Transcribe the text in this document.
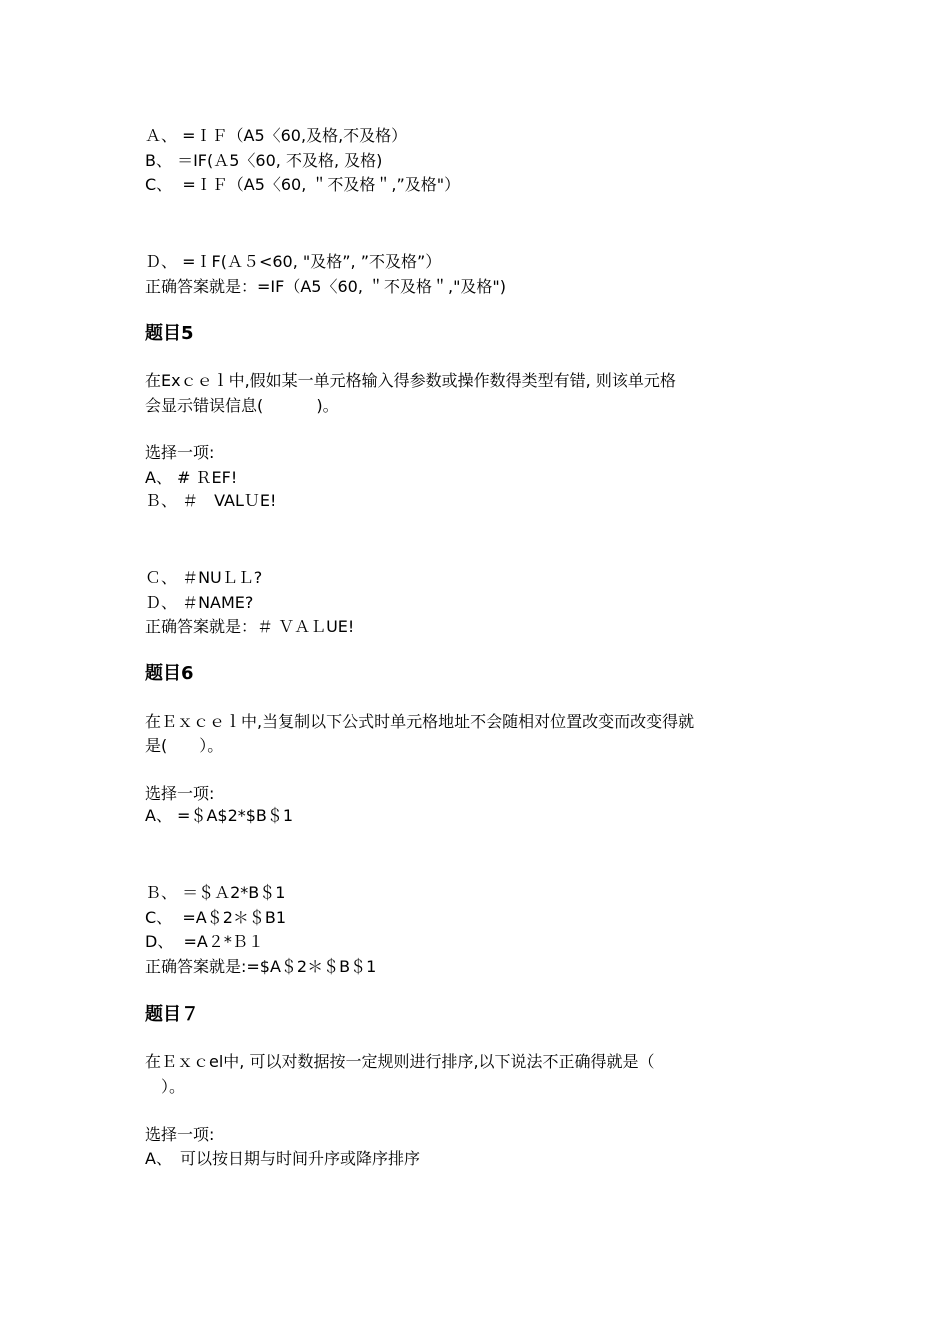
Ａ、 =ＩＦ（A5〈60,及格,不及格）

B、 ＝IF(Ａ5〈60, 不及格, 及格)

C、  =ＩＦ（A5〈60, ＂不及格＂,”及格"）

Ｄ、 =ＩF(Ａ５<60, "及格”, ”不及格”）

正确答案就是：=IF（A5〈60, ＂不及格＂,"及格")

题目5

在Exｃｅｌ中,假如某一单元格输入得参数或操作数得类型有错, 则该单元格

会显示错误信息(　　　 )。

选择一项:

A、 # ＲEF!

Ｂ、 ＃　VALＵE!

Ｃ、 ＃NUＬＬ?

Ｄ、 ＃NAME?

正确答案就是：＃ ＶＡＬUE!

题目6

在Ｅｘｃｅｌ中,当复制以下公式时单元格地址不会随相对位置改变而改变得就

是(　　）。

选择一项:

A、 =＄A$2*$B＄1

Ｂ、 ＝＄Ａ2*B＄1

C、  =A＄2＊＄B1

D、  =A２*Ｂ１

正确答案就是:=$A＄2＊＄B＄1

题目７

在Ｅｘｃel中, 可以对数据按一定规则进行排序,以下说法不正确得就是（

　）。

选择一项:

A、　可以按日期与时间升序或降序排序
